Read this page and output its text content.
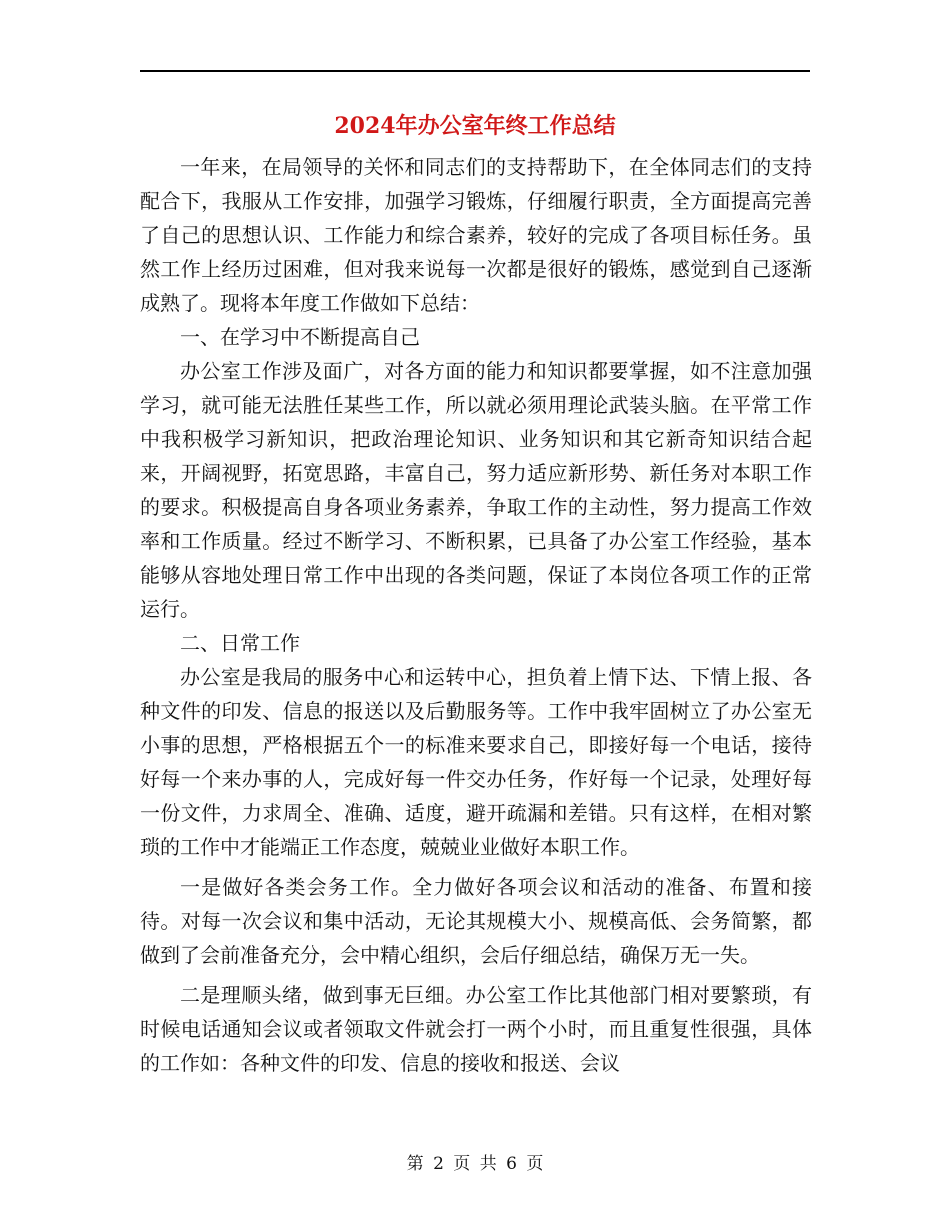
2024年办公室年终工作总结

一年来，在局领导的关怀和同志们的支持帮助下，在全体同志们的支持配合下，我服从工作安排，加强学习锻炼，仔细履行职责，全方面提高完善了自己的思想认识、工作能力和综合素养，较好的完成了各项目标任务。虽然工作上经历过困难，但对我来说每一次都是很好的锻炼，感觉到自己逐渐成熟了。现将本年度工作做如下总结：

一、在学习中不断提高自己

办公室工作涉及面广，对各方面的能力和知识都要掌握，如不注意加强学习，就可能无法胜任某些工作，所以就必须用理论武装头脑。在平常工作中我积极学习新知识，把政治理论知识、业务知识和其它新奇知识结合起来，开阔视野，拓宽思路，丰富自己，努力适应新形势、新任务对本职工作的要求。积极提高自身各项业务素养，争取工作的主动性，努力提高工作效率和工作质量。经过不断学习、不断积累，已具备了办公室工作经验，基本能够从容地处理日常工作中出现的各类问题，保证了本岗位各项工作的正常运行。

二、日常工作

办公室是我局的服务中心和运转中心，担负着上情下达、下情上报、各种文件的印发、信息的报送以及后勤服务等。工作中我牢固树立了办公室无小事的思想，严格根据五个一的标准来要求自己，即接好每一个电话，接待好每一个来办事的人，完成好每一件交办任务，作好每一个记录，处理好每一份文件，力求周全、准确、适度，避开疏漏和差错。只有这样，在相对繁琐的工作中才能端正工作态度，兢兢业业做好本职工作。

一是做好各类会务工作。全力做好各项会议和活动的准备、布置和接待。对每一次会议和集中活动，无论其规模大小、规模高低、会务简繁，都做到了会前准备充分，会中精心组织，会后仔细总结，确保万无一失。

二是理顺头绪，做到事无巨细。办公室工作比其他部门相对要繁琐，有时候电话通知会议或者领取文件就会打一两个小时，而且重复性很强，具体的工作如：各种文件的印发、信息的接收和报送、会议

第 2 页 共 6 页
